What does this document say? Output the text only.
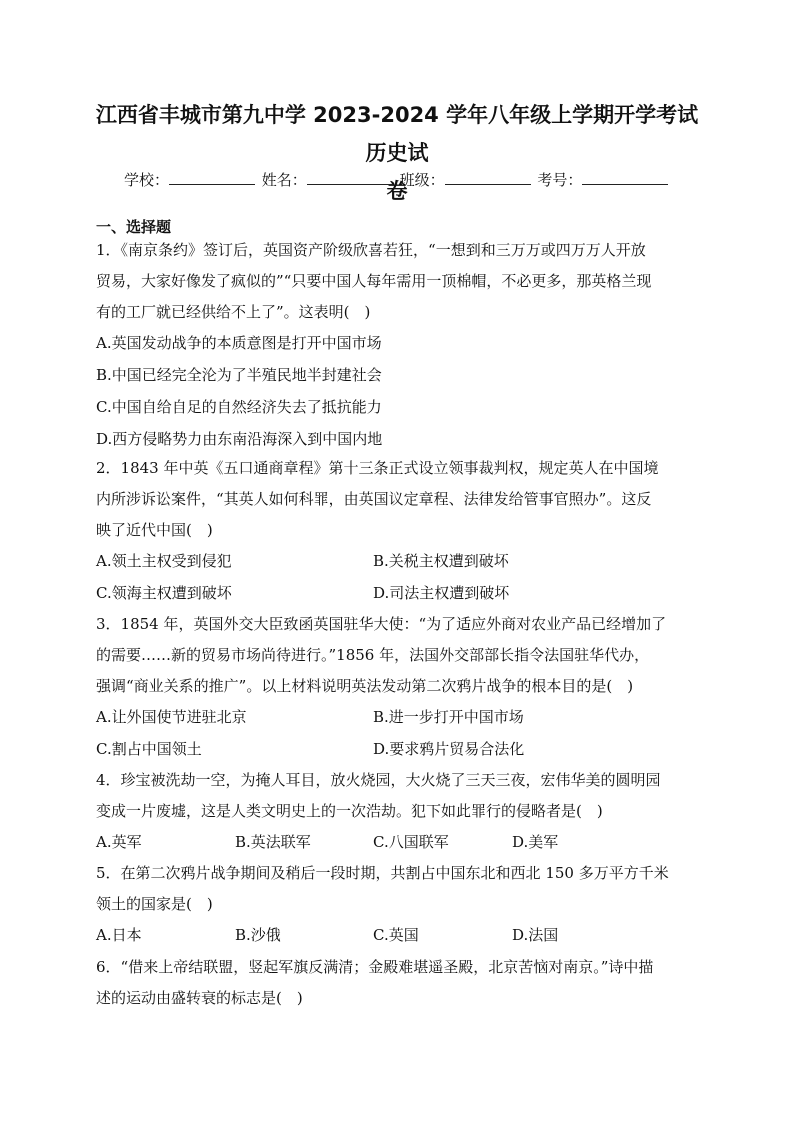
江西省丰城市第九中学 2023-2024 学年八年级上学期开学考试历史试
卷
学校：	姓名：	班级：	考号：
一、选择题
1．《南京条约》签订后，英国资产阶级欣喜若狂，“一想到和三万万或四万万人开放
贸易，大家好像发了疯似的”“只要中国人每年需用一顶棉帽，不必更多，那英格兰现
有的工厂就已经供给不上了”。这表明(　)
A.英国发动战争的本质意图是打开中国市场
B.中国已经完全沦为了半殖民地半封建社会
C.中国自给自足的自然经济失去了抵抗能力
D.西方侵略势力由东南沿海深入到中国内地
2．1843 年中英《五口通商章程》第十三条正式设立领事裁判权，规定英人在中国境
内所涉诉讼案件，“其英人如何科罪，由英国议定章程、法律发给管事官照办”。这反
映了近代中国(　)
A.领土主权受到侵犯	B.关税主权遭到破坏
C.领海主权遭到破坏	D.司法主权遭到破坏
3．1854 年，英国外交大臣致函英国驻华大使：“为了适应外商对农业产品已经增加了
的需要……新的贸易市场尚待进行。”1856 年，法国外交部部长指令法国驻华代办，
强调“商业关系的推广”。以上材料说明英法发动第二次鸦片战争的根本目的是(　)
A.让外国使节进驻北京	B.进一步打开中国市场
C.割占中国领土	D.要求鸦片贸易合法化
4．珍宝被洗劫一空，为掩人耳目，放火烧园，大火烧了三天三夜，宏伟华美的圆明园
变成一片废墟，这是人类文明史上的一次浩劫。犯下如此罪行的侵略者是(　)
A.英军	B.英法联军	C.八国联军	D.美军
5．在第二次鸦片战争期间及稍后一段时期，共割占中国东北和西北 150 多万平方千米
领土的国家是(　)
A.日本	B.沙俄	C.英国	D.法国
6．“借来上帝结联盟，竖起军旗反满清；金殿难堪遥圣殿，北京苦恼对南京。”诗中描
述的运动由盛转衰的标志是(　)
